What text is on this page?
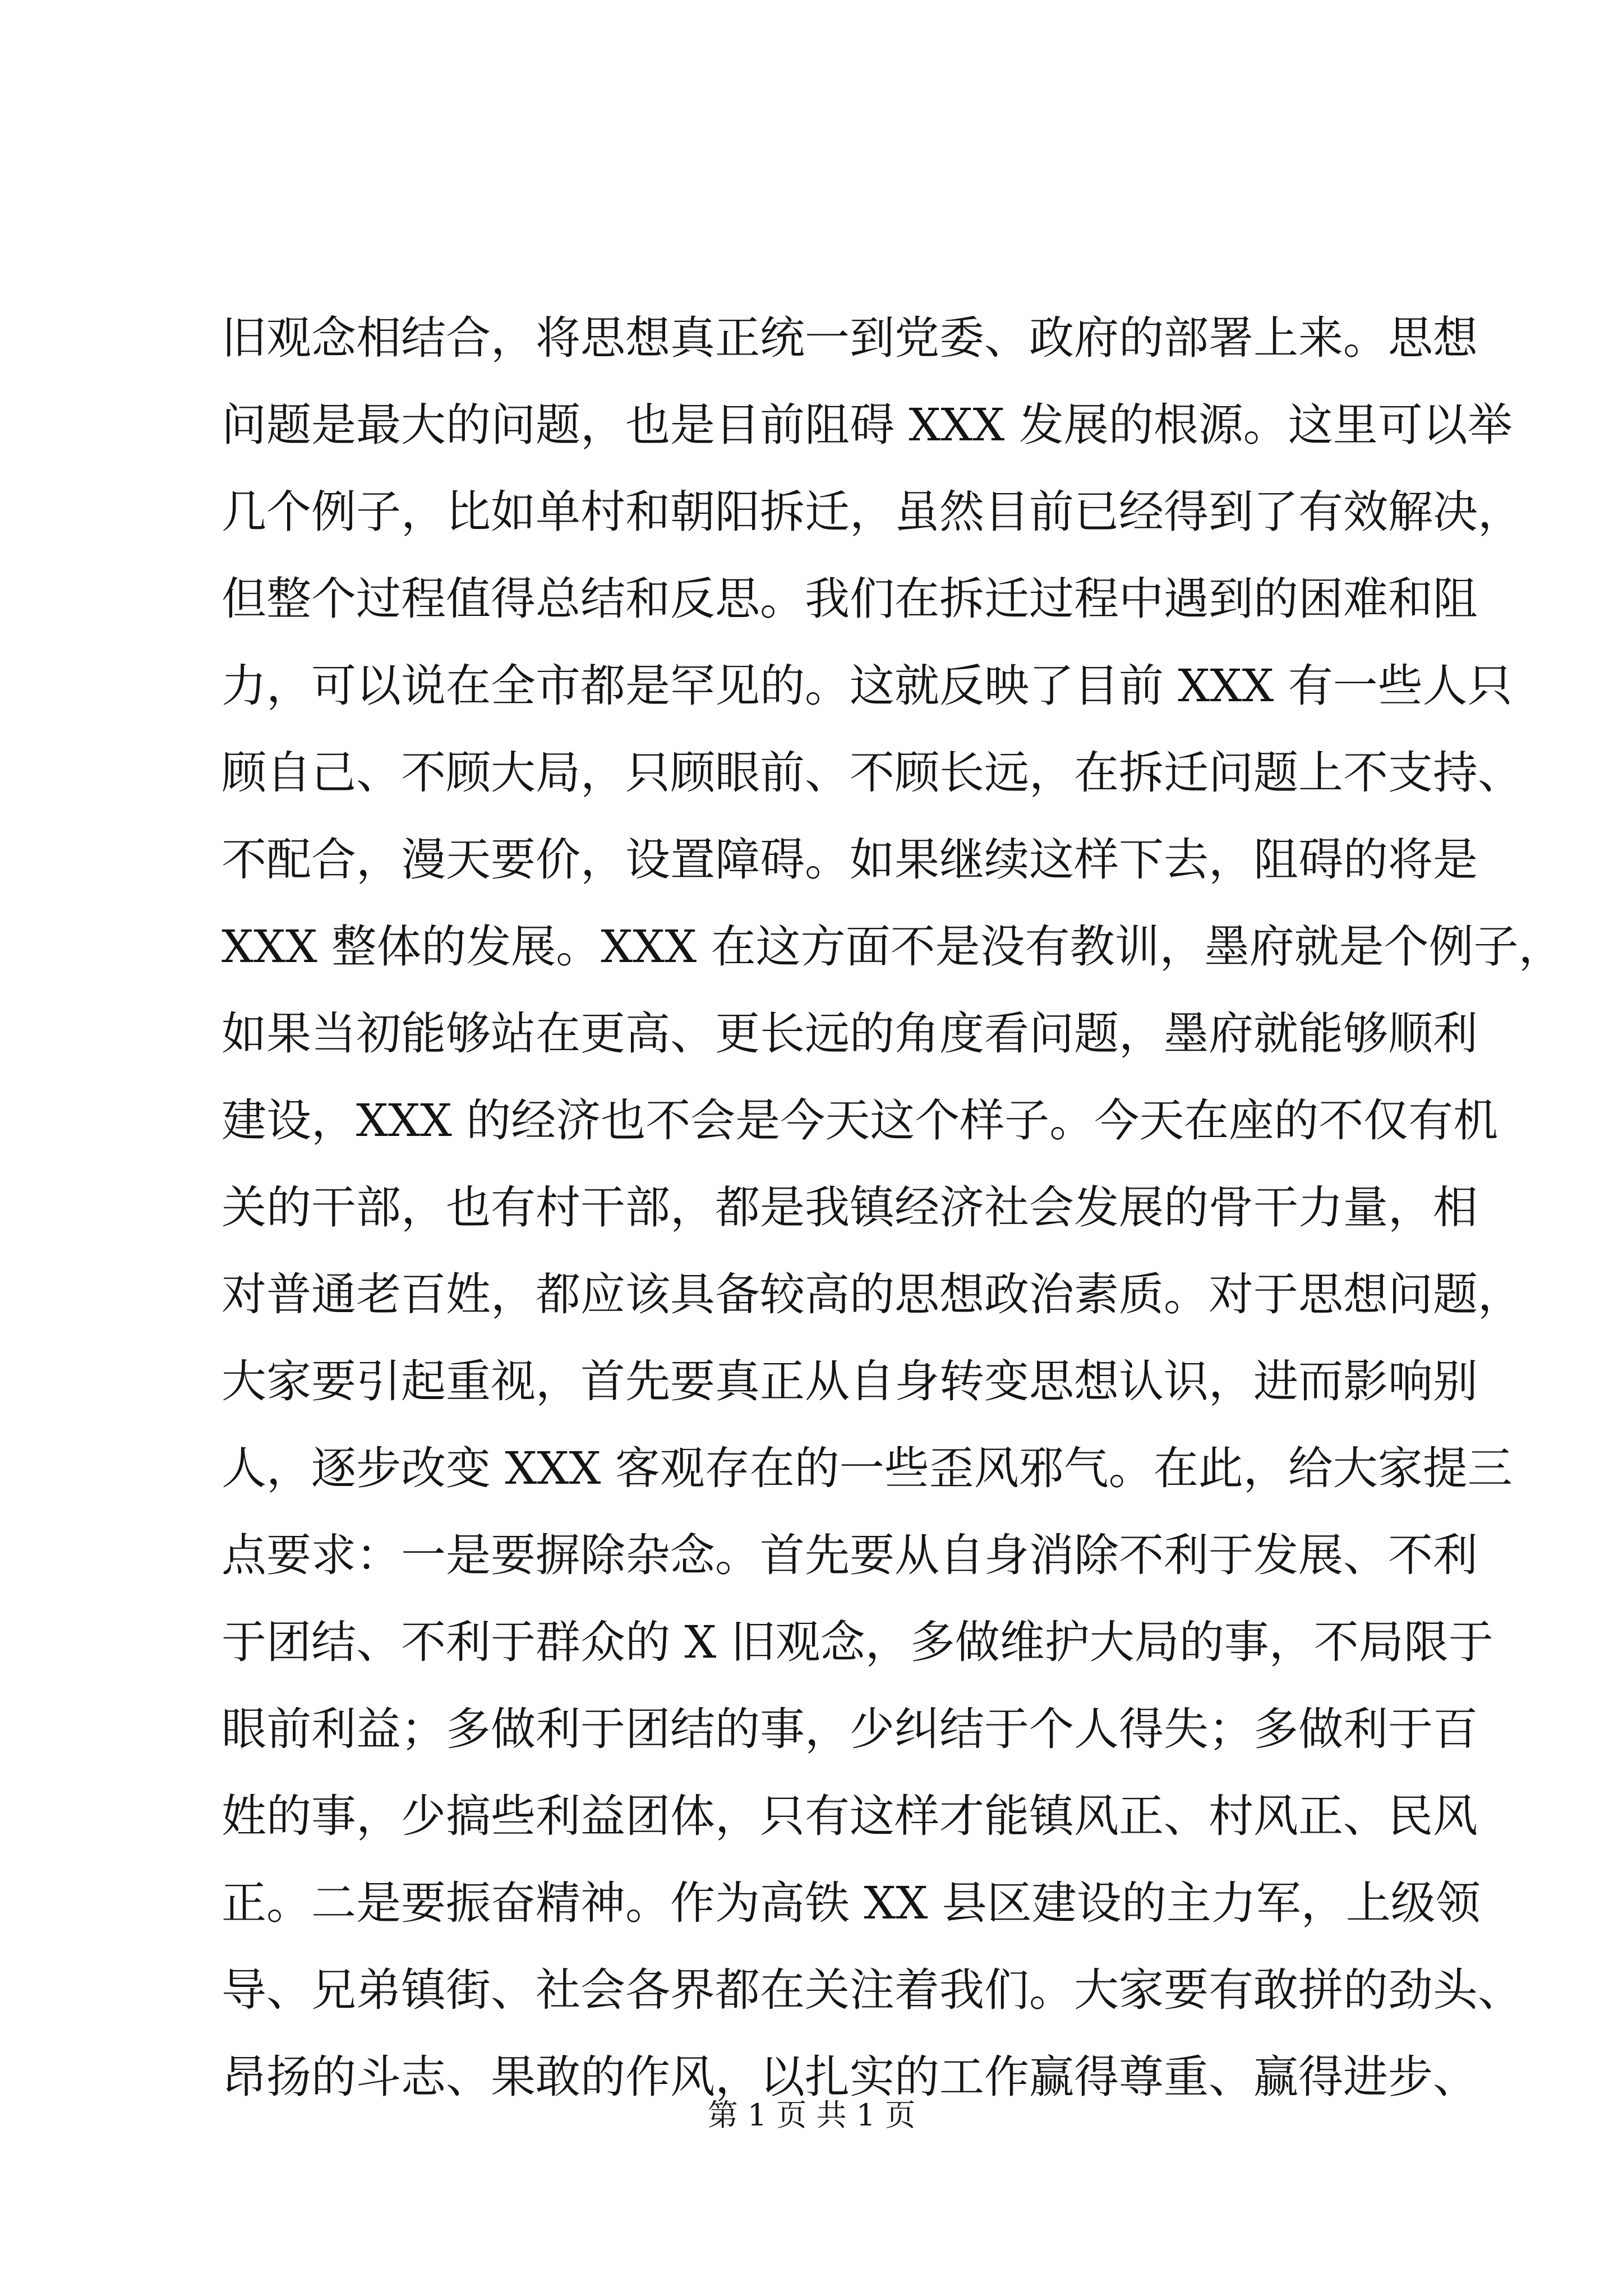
旧观念相结合，将思想真正统一到党委、政府的部署上来。思想
问题是最大的问题，也是目前阻碍 XXX 发展的根源。这里可以举
几个例子，比如单村和朝阳拆迁，虽然目前已经得到了有效解决，
但整个过程值得总结和反思。我们在拆迁过程中遇到的困难和阻
力，可以说在全市都是罕见的。这就反映了目前 XXX 有一些人只
顾自己、不顾大局，只顾眼前、不顾长远，在拆迁问题上不支持、
不配合，漫天要价，设置障碍。如果继续这样下去，阻碍的将是
XXX 整体的发展。XXX 在这方面不是没有教训，墨府就是个例子，
如果当初能够站在更高、更长远的角度看问题，墨府就能够顺利
建设，XXX 的经济也不会是今天这个样子。今天在座的不仅有机
关的干部，也有村干部，都是我镇经济社会发展的骨干力量，相
对普通老百姓，都应该具备较高的思想政治素质。对于思想问题，
大家要引起重视，首先要真正从自身转变思想认识，进而影响别
人，逐步改变 XXX 客观存在的一些歪风邪气。在此，给大家提三
点要求：一是要摒除杂念。首先要从自身消除不利于发展、不利
于团结、不利于群众的 X 旧观念，多做维护大局的事，不局限于
眼前利益；多做利于团结的事，少纠结于个人得失；多做利于百
姓的事，少搞些利益团体，只有这样才能镇风正、村风正、民风
正。二是要振奋精神。作为高铁 XX 县区建设的主力军，上级领
导、兄弟镇街、社会各界都在关注着我们。大家要有敢拼的劲头、
昂扬的斗志、果敢的作风，以扎实的工作赢得尊重、赢得进步、
第 1 页 共 1 页
